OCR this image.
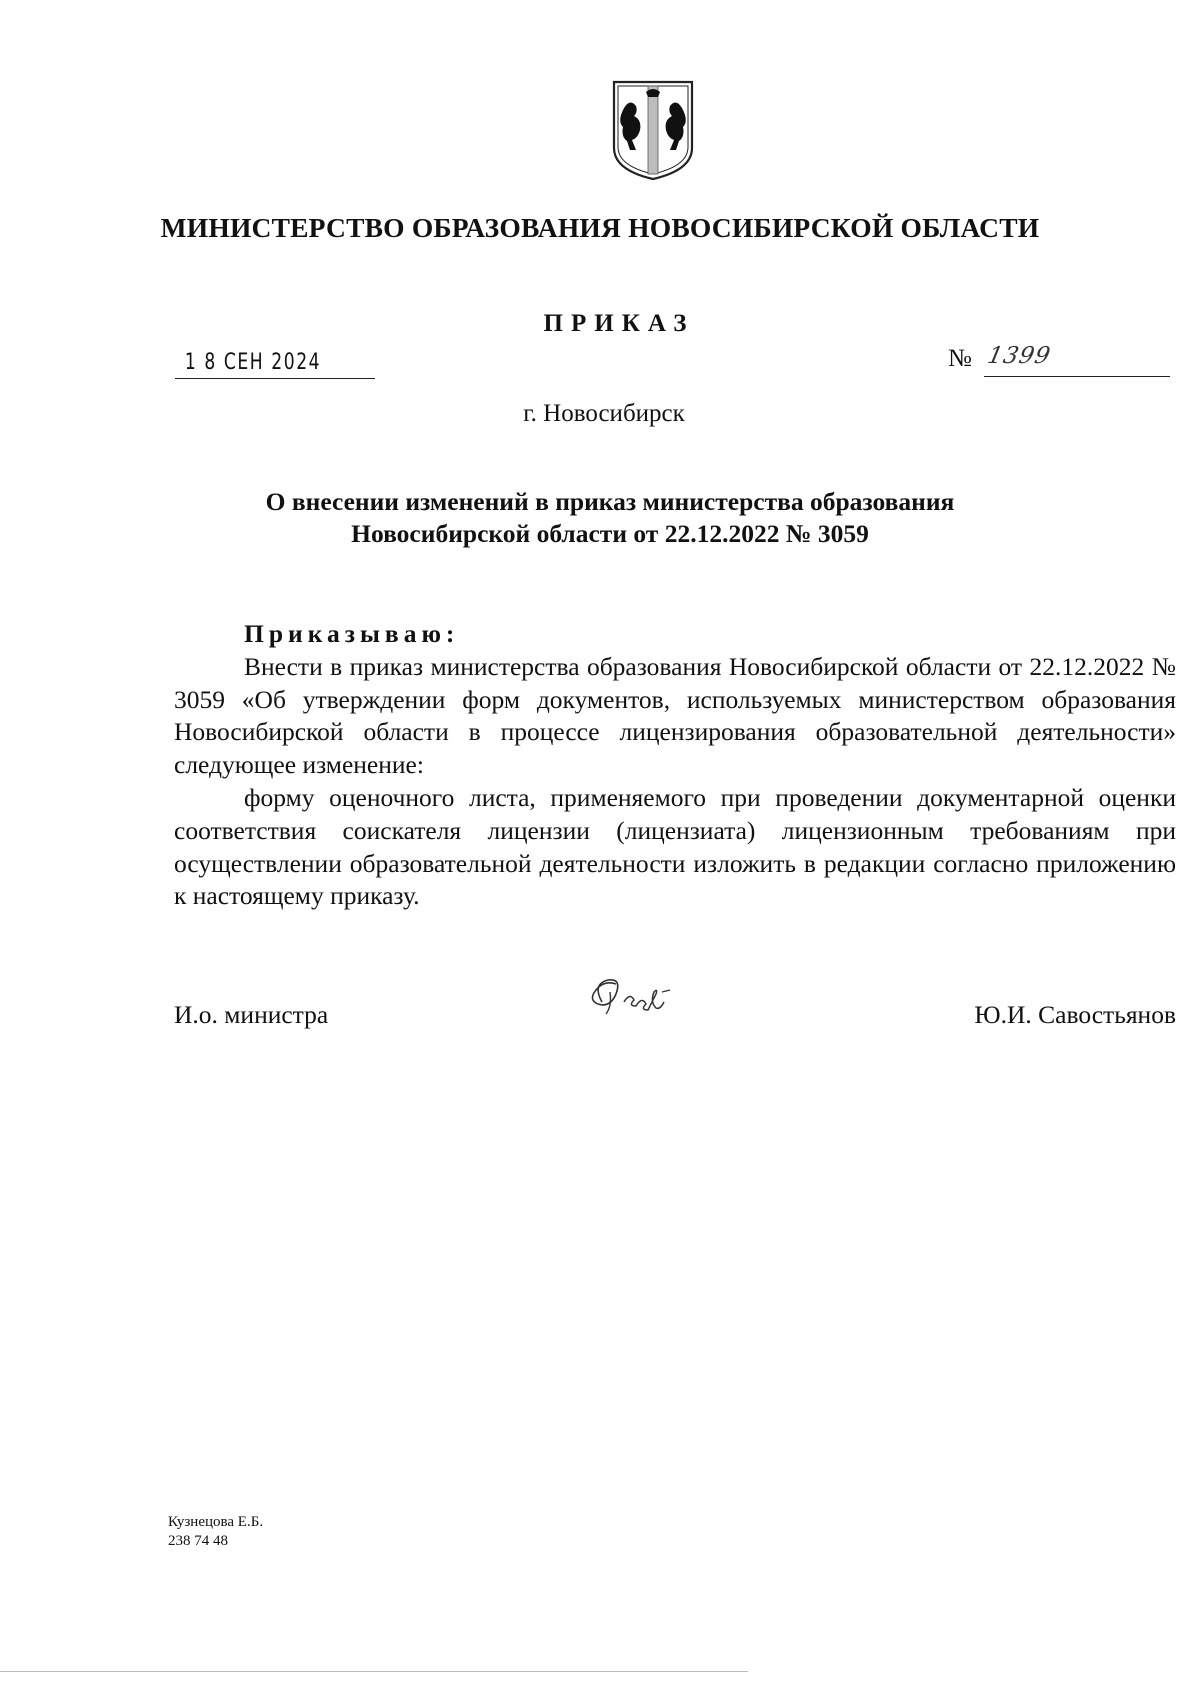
МИНИСТЕРСТВО ОБРАЗОВАНИЯ НОВОСИБИРСКОЙ ОБЛАСТИ
ПРИКАЗ
1 8 СЕН 2024	№ 1399
г. Новосибирск
О внесении изменений в приказ министерства образования
Новосибирской области от 22.12.2022 № 3059
Приказываю:

Внести в приказ министерства образования Новосибирской области от 22.12.2022 № 3059 «Об утверждении форм документов, используемых министерством образования Новосибирской области в процессе лицензирования образовательной деятельности» следующее изменение:

форму оценочного листа, применяемого при проведении документарной оценки соответствия соискателя лицензии (лицензиата) лицензионным требованиям при осуществлении образовательной деятельности изложить в редакции согласно приложению к настоящему приказу.

И.о. министра	Ю.И. Савостьянов
Кузнецова Е.Б.
238 74 48
